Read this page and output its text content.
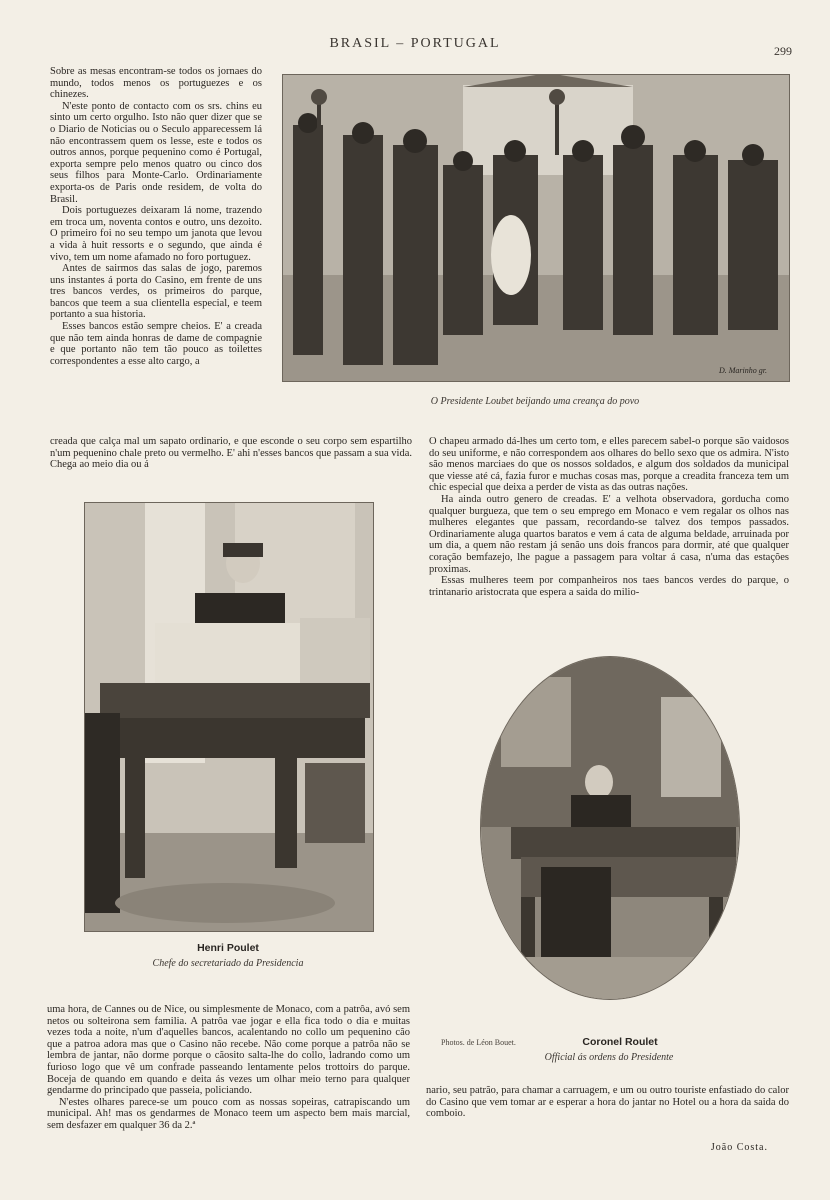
BRASIL – PORTUGAL	299

Sobre as mesas encontram-se todos os jornaes do mundo, todos menos os portuguezes e os chinezes.

N'este ponto de contacto com os srs. chins eu sinto um certo orgulho. Isto não quer dizer que se o Diario de Noticias ou o Seculo apparecessem lá não encontrassem quem os lesse, este e todos os outros annos, porque pequenino como é Portugal, exporta sempre pelo menos quatro ou cinco dos seus filhos para Monte-Carlo. Ordinariamente exporta-os de Paris onde residem, de volta do Brasil.

Dois portuguezes deixaram lá nome, trazendo em troca um, noventa contos e outro, uns dezoito. O primeiro foi no seu tempo um janota que levou a vida à huit ressorts e o segundo, que ainda é vivo, tem um nome afamado no foro portuguez.

Antes de sairmos das salas de jogo, paremos uns instantes á porta do Casino, em frente de uns tres bancos verdes, os primeiros do parque, bancos que teem a sua clientella especial, e teem portanto a sua historia.

Esses bancos estão sempre cheios. E' a creada que não tem ainda honras de dame de compagnie e que portanto não tem tão pouco as toilettes correspondentes a esse alto cargo, a

creada que calça mal um sapato ordinario, e que esconde o seu corpo sem espartilho n'um pequenino chale preto ou vermelho. E' ahi n'esses bancos que passam a sua vida. Chega ao meio dia ou á

D. Marinho gr.
O Presidente Loubet beijando uma creança do povo

O chapeu armado dá-lhes um certo tom, e elles parecem sabel-o porque são vaidosos do seu uniforme, e não correspondem aos olhares do bello sexo que os admira. N'isto são menos marciaes do que os nossos soldados, e algum dos soldados da municipal que viesse até cá, fazia furor e muchas cosas mas, porque a creadita franceza tem um chic especial que deixa a perder de vista as das outras nações.

Ha ainda outro genero de creadas. E' a velhota observadora, gorducha como qualquer burgueza, que tem o seu emprego em Monaco e vem regalar os olhos nas mulheres elegantes que passam, recordando-se talvez dos tempos passados. Ordinariamente aluga quartos baratos e vem á cata de alguma beldade, arruinada por um dia, a quem não restam já senão uns dois francos para dormir, até que qualquer coração bemfazejo, lhe pague a passagem para voltar á casa, n'uma das estações proximas.

Essas mulheres teem por companheiros nos taes bancos verdes do parque, o trintanario aristocrata que espera a saida do milio-

Henri Poulet
Chefe do secretariado da Presidencia
Photos. de Léon Bouet.	Coronel Roulet
Official ás ordens do Presidente

uma hora, de Cannes ou de Nice, ou simplesmente de Monaco, com a patrôa, avó sem netos ou solteirona sem familia. A patrôa vae jogar e ella fica todo o dia e muitas vezes toda a noite, n'um d'aquelles bancos, acalentando no collo um pequenino cão que a patroa adora mas que o Casino não recebe. Não come porque a patrôa não se lembra de jantar, não dorme porque o cãosito salta-lhe do collo, ladrando como um furioso logo que vê um confrade passeando lentamente pelos trottoirs do parque. Boceja de quando em quando e deita ás vezes um olhar meio terno para qualquer gendarme do principado que passeia, policiando.

N'estes olhares parece-se um pouco com as nossas sopeiras, catrapiscando um municipal. Ah! mas os gendarmes de Monaco teem um aspecto bem mais marcial, sem desfazer em qualquer 36 da 2.ª

nario, seu patrão, para chamar a carruagem, e um ou outro touriste enfastiado do calor do Casino que vem tomar ar e esperar a hora do jantar no Hotel ou a hora da saida do comboio.

João Costa.
